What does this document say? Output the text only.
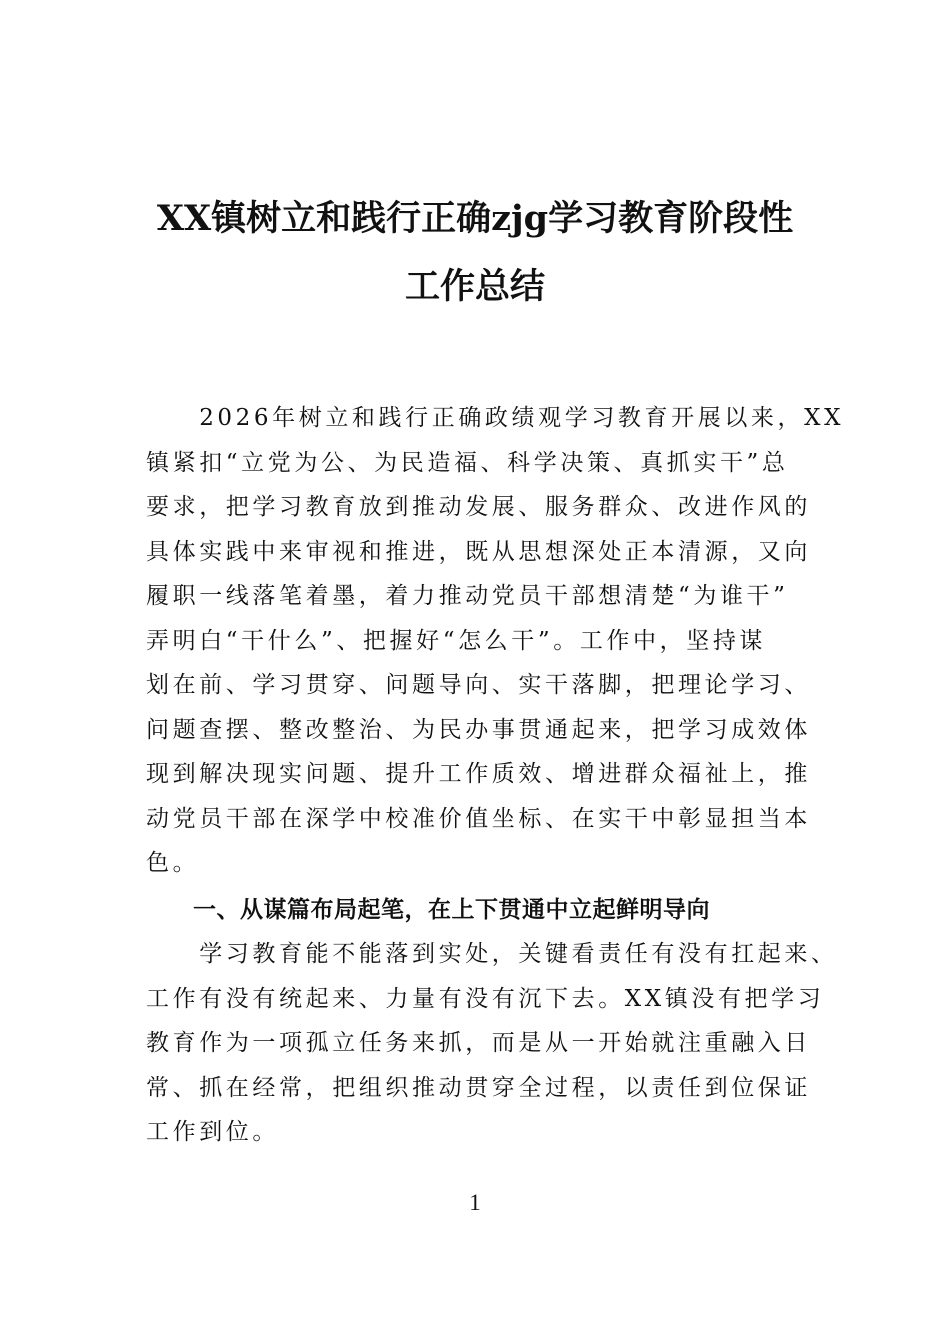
XX镇树立和践行正确zjg学习教育阶段性
工作总结
　　2026年树立和践行正确政绩观学习教育开展以来，XX
镇紧扣“立党为公、为民造福、科学决策、真抓实干”总
要求，把学习教育放到推动发展、服务群众、改进作风的
具体实践中来审视和推进，既从思想深处正本清源，又向
履职一线落笔着墨，着力推动党员干部想清楚“为谁干”
弄明白“干什么”、把握好“怎么干”。工作中，坚持谋
划在前、学习贯穿、问题导向、实干落脚，把理论学习、
问题查摆、整改整治、为民办事贯通起来，把学习成效体
现到解决现实问题、提升工作质效、增进群众福祉上，推
动党员干部在深学中校准价值坐标、在实干中彰显担当本
色。
　　一、从谋篇布局起笔，在上下贯通中立起鲜明导向
　　学习教育能不能落到实处，关键看责任有没有扛起来、
工作有没有统起来、力量有没有沉下去。XX镇没有把学习
教育作为一项孤立任务来抓，而是从一开始就注重融入日
常、抓在经常，把组织推动贯穿全过程，以责任到位保证
工作到位。
1
